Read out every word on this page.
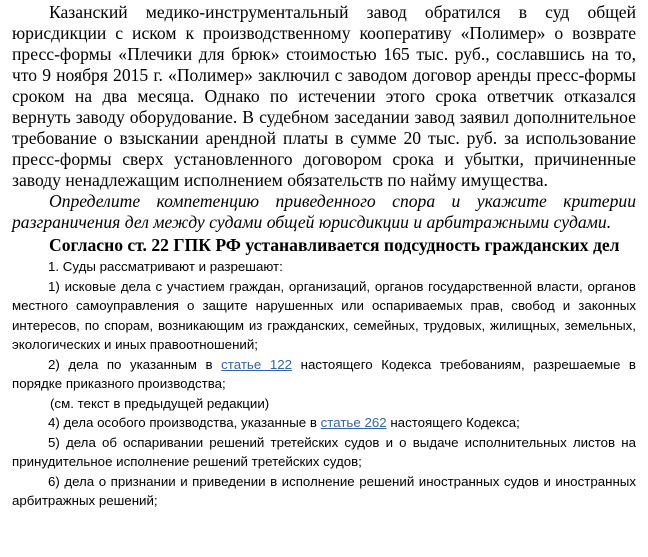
Казанский медико-инструментальный завод обратился в суд общей юрисдикции с иском к производственному кооперативу «Полимер» о возврате пресс-формы «Плечики для брюк» стоимостью 165 тыс. руб., сославшись на то, что 9 ноября 2015 г. «Полимер» заключил с заводом договор аренды пресс-формы сроком на два месяца. Однако по истечении этого срока ответчик отказался вернуть заводу оборудование. В судебном заседании завод заявил дополнительное требование о взыскании арендной платы в сумме 20 тыс. руб. за использование пресс-формы сверх установленного договором срока и убытки, причиненные заводу ненадлежащим исполнением обязательств по найму имущества.

Определите компетенцию приведенного спора и укажите критерии разграничения дел между судами общей юрисдикции и арбитражными судами.

Согласно ст. 22 ГПК РФ устанавливается подсудность гражданских дел

1. Суды рассматривают и разрешают:

1) исковые дела с участием граждан, организаций, органов государственной власти, органов местного самоуправления о защите нарушенных или оспариваемых прав, свобод и законных интересов, по спорам, возникающим из гражданских, семейных, трудовых, жилищных, земельных, экологических и иных правоотношений;

2) дела по указанным в статье 122 настоящего Кодекса требованиям, разрешаемые в порядке приказного производства;

(см. текст в предыдущей редакции)

4) дела особого производства, указанные в статье 262 настоящего Кодекса;

5) дела об оспаривании решений третейских судов и о выдаче исполнительных листов на принудительное исполнение решений третейских судов;

6) дела о признании и приведении в исполнение решений иностранных судов и иностранных арбитражных решений;
